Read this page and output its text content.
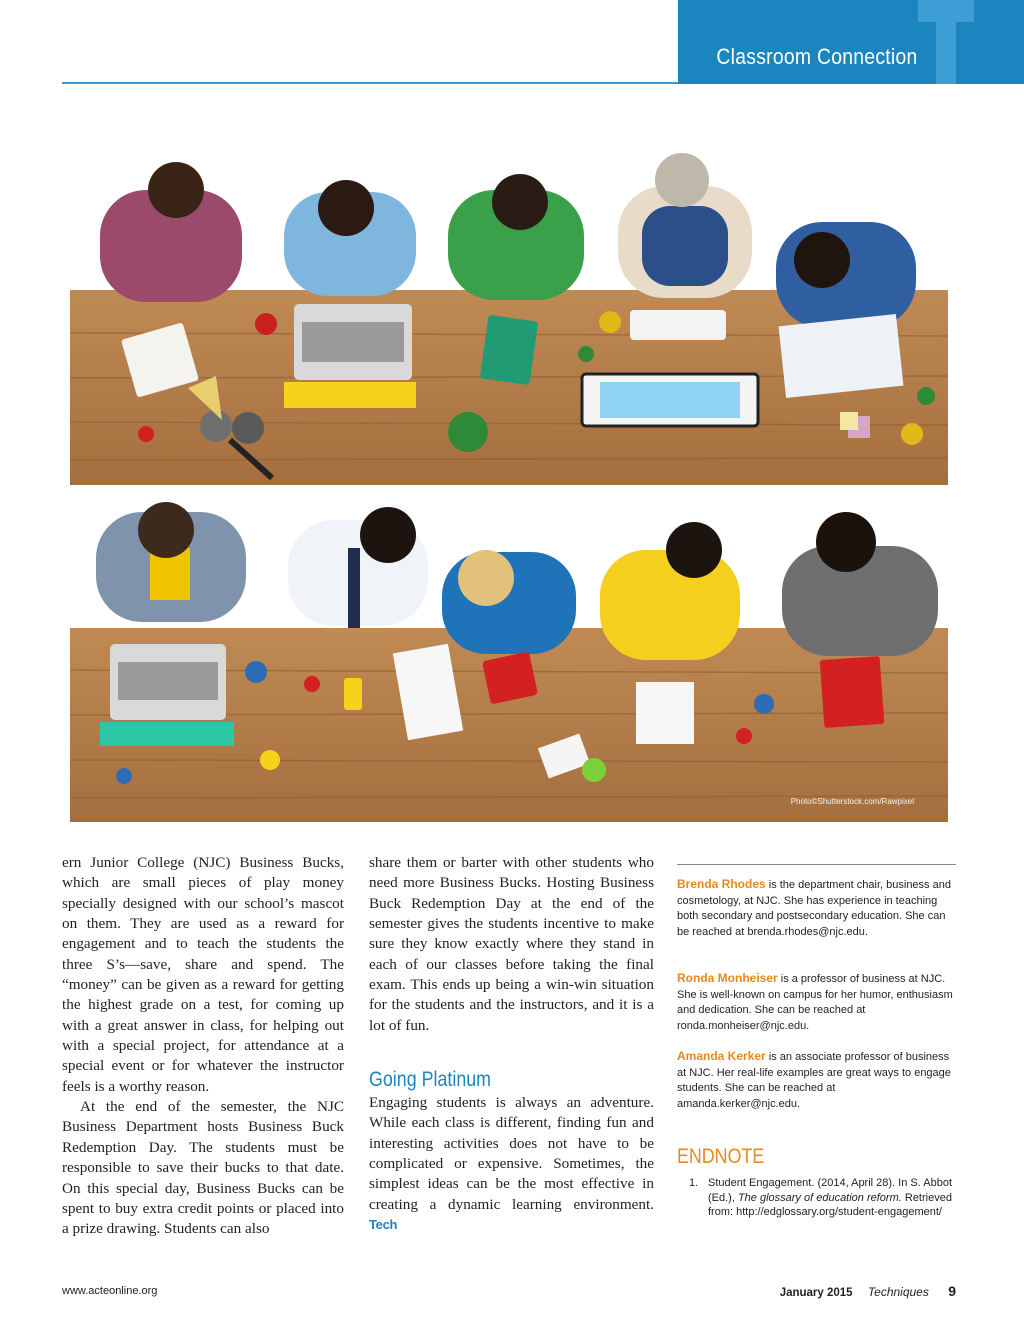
Classroom Connection
Photo©Shutterstock.com/Rawpixel

ern Junior College (NJC) Business Bucks, which are small pieces of play money specially designed with our school’s mascot on them. They are used as a reward for engagement and to teach the students the three S’s—save, share and spend. The “money” can be given as a reward for getting the highest grade on a test, for coming up with a great answer in class, for helping out with a special project, for attendance at a special event or for whatever the instructor feels is a worthy reason.

At the end of the semester, the NJC Business Department hosts Business Buck Redemption Day. The students must be responsible to save their bucks to that date. On this special day, Business Bucks can be spent to buy extra credit points or placed into a prize drawing. Students can also

share them or barter with other students who need more Business Bucks. Hosting Business Buck Redemption Day at the end of the semester gives the students incentive to make sure they know exactly where they stand in each of our classes before taking the final exam. This ends up being a win-win situation for the students and the instructors, and it is a lot of fun.

Going Platinum

Engaging students is always an adventure. While each class is different, finding fun and interesting activities does not have to be complicated or expensive. Sometimes, the simplest ideas can be the most effective in creating a dynamic learning environment. Tech

Brenda Rhodes is the department chair, business and cosmetology, at NJC. She has experience in teaching both secondary and postsecondary education. She can be reached at brenda.rhodes@njc.edu.
Ronda Monheiser is a professor of business at NJC. She is well-known on campus for her humor, enthusiasm and dedication. She can be reached at ronda.monheiser@njc.edu.
Amanda Kerker is an associate professor of business at NJC. Her real-life examples are great ways to engage students. She can be reached at amanda.kerker@njc.edu.
ENDNOTE
1. Student Engagement. (2014, April 28). In S. Abbot (Ed.), The glossary of education reform. Retrieved from: http://edglossary.org/student-engagement/
www.acteonline.org	January 2015 Techniques 9
